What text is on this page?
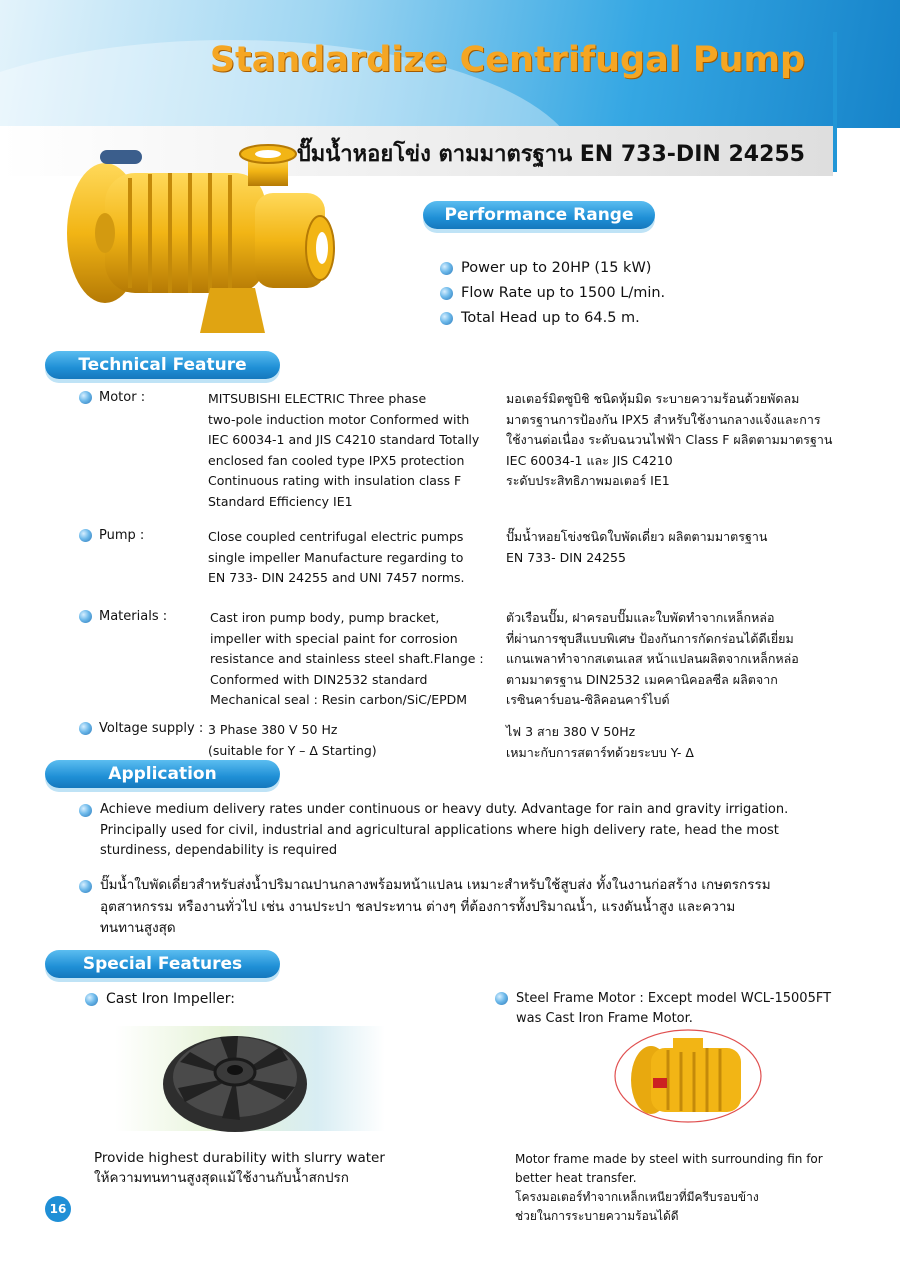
Standardize Centrifugal Pump
ปั๊มน้ำหอยโข่ง ตามมาตรฐาน EN 733-DIN 24255
Performance Range
Power up to 20HP (15 kW)
Flow Rate up to 1500 L/min.
Total Head up to 64.5 m.
Technical Feature
Motor :	MITSUBISHI ELECTRIC Three phase
two-pole induction motor Conformed with
IEC 60034-1 and JIS C4210 standard Totally
enclosed fan cooled type IPX5 protection
Continuous rating with insulation class F
Standard Efficiency IE1
มอเตอร์มิตซูบิชิ ชนิดหุ้มมิด ระบายความร้อนด้วยพัดลม
มาตรฐานการป้องกัน IPX5 สำหรับใช้งานกลางแจ้งและการ
ใช้งานต่อเนื่อง ระดับฉนวนไฟฟ้า Class F ผลิตตามมาตรฐาน
IEC 60034-1 และ JIS C4210
ระดับประสิทธิภาพมอเตอร์ IE1
Pump :	Close coupled centrifugal electric pumps
single impeller Manufacture regarding to
EN 733- DIN 24255 and UNI 7457 norms.
ปั๊มน้ำหอยโข่งชนิดใบพัดเดี่ยว ผลิตตามมาตรฐาน
EN 733- DIN 24255
Materials :	Cast iron pump body, pump bracket,
impeller with special paint for corrosion
resistance and stainless steel shaft.Flange :
Conformed with DIN2532 standard
Mechanical seal : Resin carbon/SiC/EPDM
ตัวเรือนปั๊ม, ฝาครอบปั๊มและใบพัดทำจากเหล็กหล่อ
ที่ผ่านการชุบสีแบบพิเศษ ป้องกันการกัดกร่อนได้ดีเยี่ยม
แกนเพลาทำจากสเตนเลส หน้าแปลนผลิตจากเหล็กหล่อ
ตามมาตรฐาน DIN2532 เมคคานิคอลซีล ผลิตจาก
เรซินคาร์บอน-ซิลิคอนคาร์ไบด์
Voltage supply : 3 Phase 380 V 50 Hz
(suitable for Y – Δ Starting)
ไฟ 3 สาย 380 V 50Hz
เหมาะกับการสตาร์ทด้วยระบบ Y- Δ
Application
Achieve medium delivery rates under continuous or heavy duty. Advantage for rain and gravity irrigation.
Principally used for civil, industrial and agricultural applications where high delivery rate, head the most
sturdiness, dependability is required
ปั๊มน้ำใบพัดเดี่ยวสำหรับส่งน้ำปริมาณปานกลางพร้อมหน้าแปลน เหมาะสำหรับใช้สูบส่ง ทั้งในงานก่อสร้าง เกษตรกรรม
อุตสาหกรรม หรืองานทั่วไป เช่น งานประปา ชลประทาน ต่างๆ ที่ต้องการทั้งปริมาณน้ำ, แรงดันน้ำสูง และความ
ทนทานสูงสุด
Special Features
Cast Iron Impeller:
Provide highest durability with slurry water
ให้ความทนทานสูงสุดแม้ใช้งานกับน้ำสกปรก
Steel Frame Motor : Except model WCL-15005FT
was Cast Iron Frame Motor.
Motor frame made by steel with surrounding fin for
better heat transfer.
โครงมอเตอร์ทำจากเหล็กเหนียวที่มีครีบรอบข้าง
ช่วยในการระบายความร้อนได้ดี
16
